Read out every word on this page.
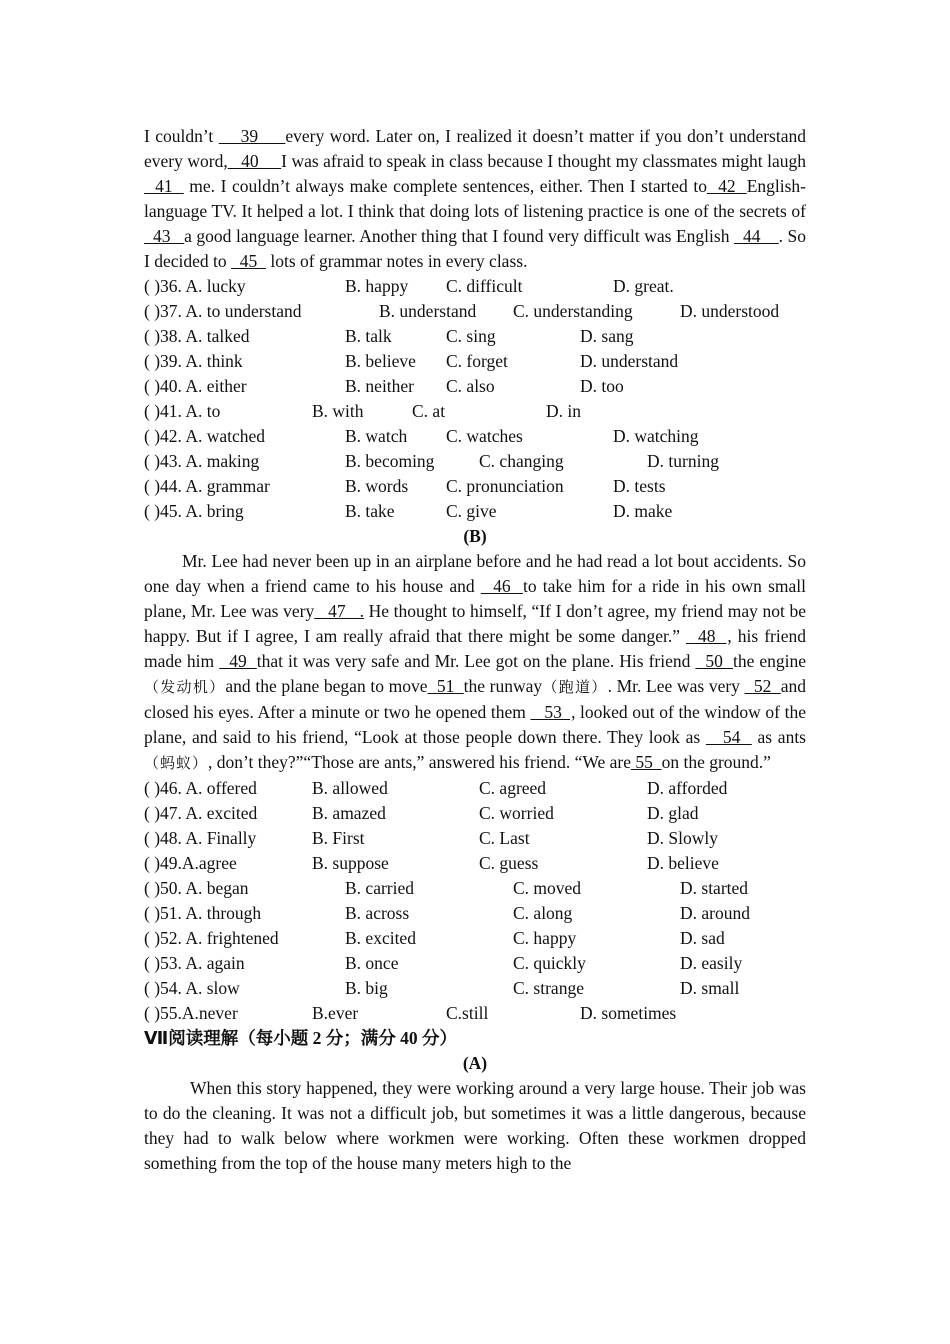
I couldn’t     39     every word. Later on, I realized it doesn’t matter if you don’t understand every word,   40     I was afraid to speak in class because I thought my classmates might laugh   41   me. I couldn’t always make complete sentences, either. Then I started to  42  English-language TV. It helped a lot. I think that doing lots of listening practice is one of the secrets of  43   a good language learner. Another thing that I found very difficult was English   44    . So I decided to   45   lots of grammar notes in every class.

( )36. A. lucky	B. happy C. difficult	D. great.
( )37. A. to understand	B. understand C. understanding	D. understood
( )38. A. talked	B. talk	C. sing	D. sang
( )39. A. think	B. believe C. forget	D. understand
( )40. A. either	B. neither C. also	D. too
( )41. A. to	B. with	C. at	D. in
( )42. A. watched	B. watch C. watches	D. watching
( )43. A. making	B. becoming	C. changing	D. turning
( )44. A. grammar	B. words C. pronunciation	D. tests
( )45. A. bring	B. take	C. give	D. make
(B)

Mr. Lee had never been up in an airplane before and he had read a lot bout accidents. So one day when a friend came to his house and   46  to take him for a ride in his own small plane, Mr. Lee was very   47   . He thought to himself, “If I don’t agree, my friend may not be happy. But if I agree, I am really afraid that there might be some danger.”   48  , his friend made him   49  that it was very safe and Mr. Lee got on the plane. His friend   50  the engine（发动机）and the plane began to move  51  the runway（跑道）. Mr. Lee was very   52  and closed his eyes. After a minute or two he opened them    53  , looked out of the window of the plane, and said to his friend, “Look at those people down there. They look as    54   as ants（蚂蚁）, don’t they?”“Those are ants,” answered his friend. “We are 55  on the ground.”

( )46. A. offered	B. allowed	C. agreed	D. afforded
( )47. A. excited	B. amazed	C. worried	D. glad
( )48. A. Finally	B. First	C. Last	D. Slowly
( )49.A.agree	B. suppose	C. guess	D. believe
( )50. A. began	B. carried	C. moved	D. started
( )51. A. through	B. across	C. along	D. around
( )52. A. frightened	B. excited	C. happy	D. sad
( )53. A. again	B. once	C. quickly	D. easily
( )54. A. slow	B. big	C. strange	D. small
( )55.A.never	B.ever	C.still	D. sometimes
Ⅶ阅读理解（每小题 2 分；满分 40 分）
(A)

When this story happened, they were working around a very large house. Their job was to do the cleaning. It was not a difficult job, but sometimes it was a little dangerous, because they had to walk below where workmen were working. Often these workmen dropped something from the top of the house many meters high to the
